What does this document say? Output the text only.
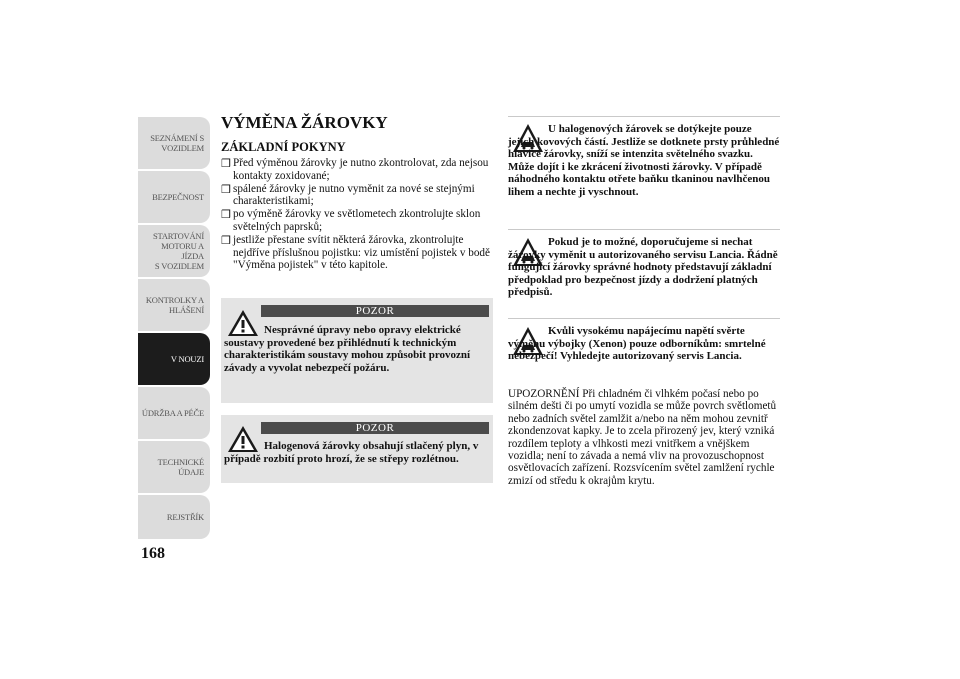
SEZNÁMENÍ S
VOZIDLEM
BEZPEČNOST
STARTOVÁNÍ
MOTORU A JÍZDA
S VOZIDLEM
KONTROLKY A
HLÁŠENÍ
V NOUZI
ÚDRŽBA A PÉČE
TECHNICKÉ
ÚDAJE
REJSTŘÍK
168
VÝMĚNA ŽÁROVKY
ZÁKLADNÍ POKYNY
❒ Před výměnou žárovky je nutno zkontrolovat, zda nejsou kontakty zoxidované;
❒ spálené žárovky je nutno vyměnit za nové se stejnými charakteristikami;
❒ po výměně žárovky ve světlometech zkontrolujte sklon světelných paprsků;
❒ jestliže přestane svítit některá žárovka, zkontrolujte nejdříve příslušnou pojistku: viz umístění pojistek v bodě "Výměna pojistek" v této kapitole.
POZOR
Nesprávné úpravy nebo opravy elektrické soustavy provedené bez přihlédnutí k technickým charakteristikám soustavy mohou způsobit provozní závady a vyvolat nebezpečí požáru.
POZOR
Halogenová žárovky obsahují stlačený plyn, v případě rozbití proto hrozí, že se střepy rozlétnou.
U halogenových žárovek se dotýkejte pouze jejich kovových částí. Jestliže se dotknete prsty průhledné hlavice žárovky, sníží se intenzita světelného svazku. Může dojít i ke zkrácení životnosti žárovky. V případě náhodného kontaktu otřete baňku tkaninou navlhčenou lihem a nechte ji vyschnout.
Pokud je to možné, doporučujeme si nechat žárovky vyměnit u autorizovaného servisu Lancia. Řádně fungující žárovky správné hodnoty představují základní předpoklad pro bezpečnost jízdy a dodržení platných předpisů.
Kvůli vysokému napájecímu napětí svěrte výměnu výbojky (Xenon) pouze odborníkům: smrtelné nebezpečí! Vyhledejte autorizovaný servis Lancia.
UPOZORNĚNÍ Při chladném či vlhkém počasí nebo po silném dešti či po umytí vozidla se může povrch světlometů nebo zadních světel zamlžit a/nebo na něm mohou zevnitř zkondenzovat kapky. Je to zcela přirozený jev, který vzniká rozdílem teploty a vlhkosti mezi vnitřkem a vnějškem vozidla; není to závada a nemá vliv na provozuschopnost osvětlovacích zařízení. Rozsvícením světel zamlžení rychle zmizí od středu k okrajům krytu.
